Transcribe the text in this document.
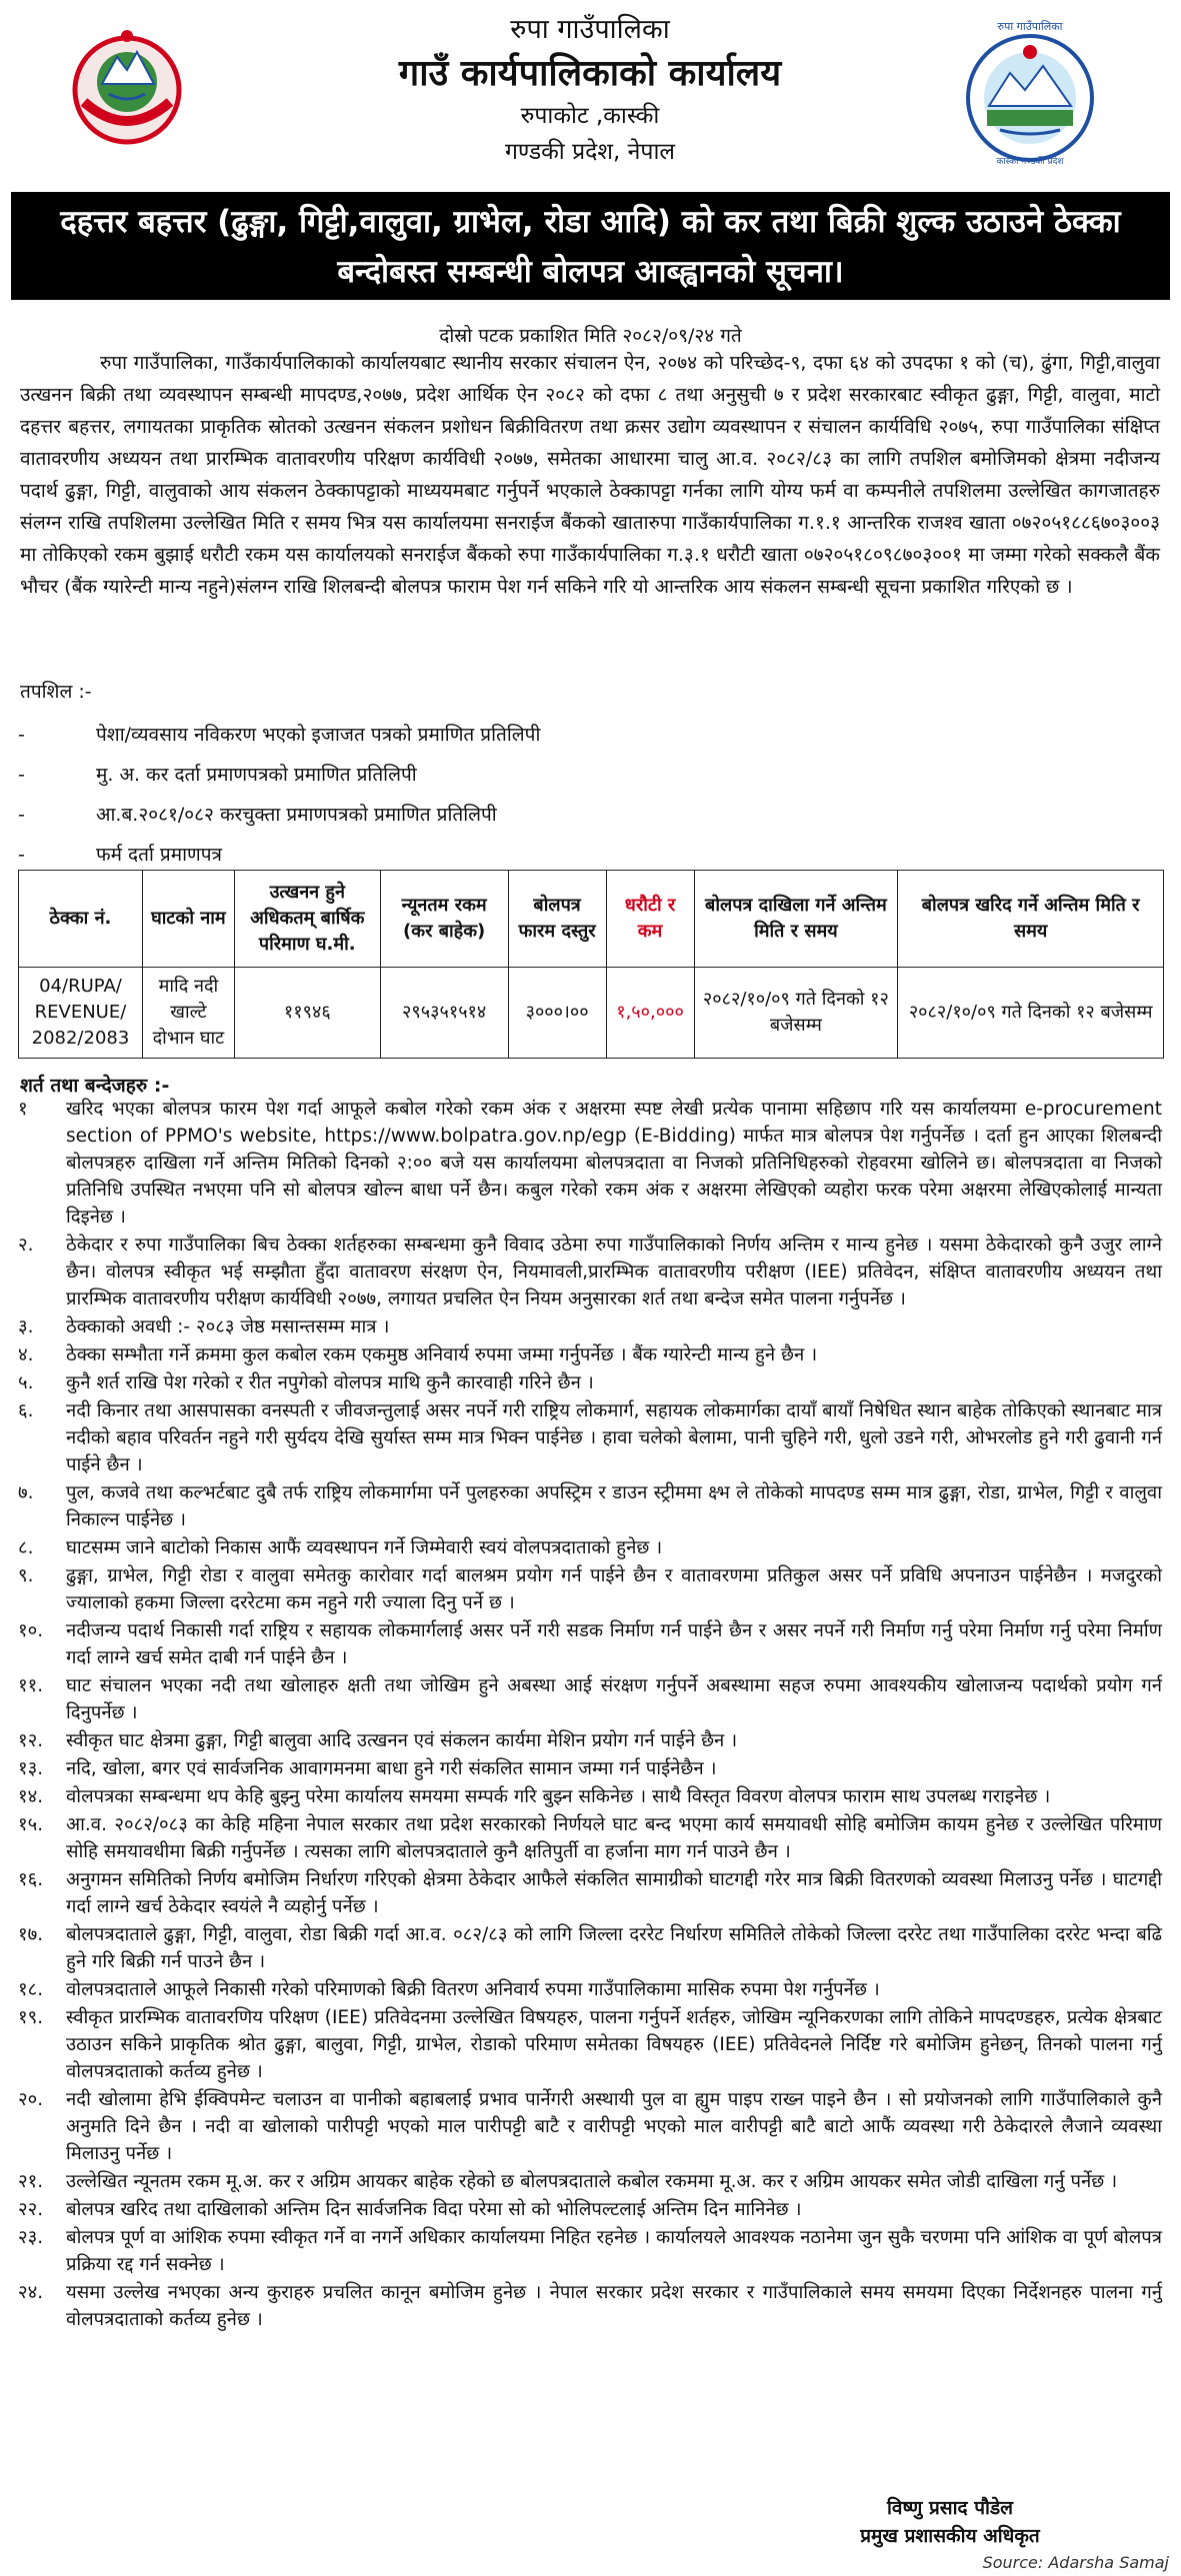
रुपा गाउँपालिका
गाउँ कार्यपालिकाको कार्यालय
रुपाकोट ,कास्की
गण्डकी प्रदेश, नेपाल
रुपा गाउँपालिका
कास्की गण्डकी प्रदेश
दहत्तर बहत्तर (ढुङ्गा, गिट्टी,वालुवा, ग्राभेल, रोडा आदि) को कर तथा बिक्री शुल्क उठाउने ठेक्का
बन्दोबस्त सम्बन्धी बोलपत्र आब्ह्वानको सूचना।
दोस्रो पटक प्रकाशित मिति २०८२/०९/२४ गते
रुपा गाउँपालिका, गाउँकार्यपालिकाको कार्यालयबाट स्थानीय सरकार संचालन ऐन, २०७४ को परिच्छेद-९, दफा ६४ को उपदफा १ को (च), ढुंगा, गिट्टी,वालुवा उत्खनन बिक्री तथा व्यवस्थापन सम्बन्धी मापदण्ड,२०७७, प्रदेश आर्थिक ऐन २०८२ को दफा ८ तथा अनुसुची ७ र प्रदेश सरकारबाट स्वीकृत ढुङ्गा, गिट्टी, वालुवा, माटो दहत्तर बहत्तर, लगायतका प्राकृतिक स्रोतको उत्खनन संकलन प्रशोधन बिक्रीवितरण तथा क्रसर उद्योग व्यवस्थापन र संचालन कार्यविधि २०७५, रुपा गाउँपालिका संक्षिप्त वातावरणीय अध्ययन तथा प्रारम्भिक वातावरणीय परिक्षण कार्यविधी २०७७, समेतका आधारमा चालु आ.व. २०८२/८३ का लागि तपशिल बमोजिमको क्षेत्रमा नदीजन्य पदार्थ ढुङ्गा, गिट्टी, वालुवाको आय संकलन ठेक्कापट्टाको माध्ययमबाट गर्नुपर्ने भएकाले ठेक्कापट्टा गर्नका लागि योग्य फर्म वा कम्पनीले तपशिलमा उल्लेखित कागजातहरु संलग्न राखि तपशिलमा उल्लेखित मिति र समय भित्र यस कार्यालयमा सनराईज बैंकको खातारुपा गाउँकार्यपालिका ग.१.१ आन्तरिक राजश्व खाता ०७२०५१८८६७०३००३ मा तोकिएको रकम बुझाई धरौटी रकम यस कार्यालयको सनराईज बैंकको रुपा गाउँकार्यपालिका ग.३.१ धरौटी खाता ०७२०५१८०९८७०३००१ मा जम्मा गरेको सक्कलै बैंक भौचर (बैंक ग्यारेन्टी मान्य नहुने)संलग्न राखि शिलबन्दी बोलपत्र फाराम पेश गर्न सकिने गरि यो आन्तरिक आय संकलन सम्बन्धी सूचना प्रकाशित गरिएको छ ।
तपशिल :-
-	पेशा/व्यवसाय नविकरण भएको इजाजत पत्रको प्रमाणित प्रतिलिपी
-	मु. अ. कर दर्ता प्रमाणपत्रको प्रमाणित प्रतिलिपी
-	आ.ब.२०८१/०८२ करचुक्ता प्रमाणपत्रको प्रमाणित प्रतिलिपी
-	फर्म दर्ता प्रमाणपत्र
ठेक्का नं.	घाटको नाम	उत्खनन हुने अधिकतम् बार्षिक परिमाण घ.मी.	न्यूनतम रकम (कर बाहेक)	बोलपत्र फारम दस्तुर	धरौटी र कम	बोलपत्र दाखिला गर्ने अन्तिम मिति र समय	बोलपत्र खरिद गर्ने अन्तिम मिति र समय
04/RUPA/ REVENUE/ 2082/2083	मादि नदी खाल्टे दोभान घाट	११९४६	२९५३५१५१४	३०००।००	१,५०,०००	२०८२/१०/०९ गते दिनको १२ बजेसम्म	२०८२/१०/०९ गते दिनको १२ बजेसम्म
शर्त तथा बन्देजहरु :-
१ खरिद भएका बोलपत्र फारम पेश गर्दा आफूले कबोल गरेको रकम अंक र अक्षरमा स्पष्ट लेखी प्रत्येक पानामा सहिछाप गरि यस कार्यालयमा e-procurement section of PPMO's website, https://www.bolpatra.gov.np/egp (E-Bidding) मार्फत मात्र बोलपत्र पेश गर्नुपर्नेछ । दर्ता हुन आएका शिलबन्दी बोलपत्रहरु दाखिला गर्ने अन्तिम मितिको दिनको २:०० बजे यस कार्यालयमा बोलपत्रदाता वा निजको प्रतिनिधिहरुको रोहवरमा खोलिने छ। बोलपत्रदाता वा निजको प्रतिनिधि उपस्थित नभएमा पनि सो बोलपत्र खोल्न बाधा पर्ने छैन। कबुल गरेको रकम अंक र अक्षरमा लेखिएको व्यहोरा फरक परेमा अक्षरमा लेखिएकोलाई मान्यता दिइनेछ ।
२. ठेकेदार र रुपा गाउँपालिका बिच ठेक्का शर्तहरुका सम्बन्धमा कुनै विवाद उठेमा रुपा गाउँपालिकाको निर्णय अन्तिम र मान्य हुनेछ । यसमा ठेकेदारको कुनै उजुर लाग्ने छैन। वोलपत्र स्वीकृत भई सम्झौता हुँदा वातावरण संरक्षण ऐन, नियमावली,प्रारम्भिक वातावरणीय परीक्षण (IEE) प्रतिवेदन, संक्षिप्त वातावरणीय अध्ययन तथा प्रारम्भिक वातावरणीय परीक्षण कार्यविधी २०७७, लगायत प्रचलित ऐन नियम अनुसारका शर्त तथा बन्देज समेत पालना गर्नुपर्नेछ ।
३. ठेक्काको अवधी :- २०८३ जेष्ठ मसान्तसम्म मात्र ।
४. ठेक्का सम्भौता गर्ने क्रममा कुल कबोल रकम एकमुष्ठ अनिवार्य रुपमा जम्मा गर्नुपर्नेछ । बैंक ग्यारेन्टी मान्य हुने छैन ।
५. कुनै शर्त राखि पेश गरेको र रीत नपुगेको वोलपत्र माथि कुनै कारवाही गरिने छैन ।
६. नदी किनार तथा आसपासका वनस्पती र जीवजन्तुलाई असर नपर्ने गरी राष्ट्रिय लोकमार्ग, सहायक लोकमार्गका दायाँ बायाँ निषेधित स्थान बाहेक तोकिएको स्थानबाट मात्र नदीको बहाव परिवर्तन नहुने गरी सुर्यदय देखि सुर्यास्त सम्म मात्र भिक्न पाईनेछ । हावा चलेको बेलामा, पानी चुहिने गरी, धुलो उडने गरी, ओभरलोड हुने गरी ढुवानी गर्न पाईने छैन ।
७. पुल, कजवे तथा कल्भर्टबाट दुबै तर्फ राष्ट्रिय लोकमार्गमा पर्ने पुलहरुका अपस्ट्रिम र डाउन स्ट्रीममा क्ष्भ ले तोकेको मापदण्ड सम्म मात्र ढुङ्गा, रोडा, ग्राभेल, गिट्टी र वालुवा निकाल्न पाईनेछ ।
८. घाटसम्म जाने बाटोको निकास आफैं व्यवस्थापन गर्ने जिम्मेवारी स्वयं वोलपत्रदाताको हुनेछ ।
९. ढुङ्गा, ग्राभेल, गिट्टी रोडा र वालुवा समेतकु कारोवार गर्दा बालश्रम प्रयोग गर्न पाईने छैन र वातावरणमा प्रतिकुल असर पर्ने प्रविधि अपनाउन पाईनेछैन । मजदुरको ज्यालाको हकमा जिल्ला दररेटमा कम नहुने गरी ज्याला दिनु पर्ने छ ।
१०. नदीजन्य पदार्थ निकासी गर्दा राष्ट्रिय र सहायक लोकमार्गलाई असर पर्ने गरी सडक निर्माण गर्न पाईने छैन र असर नपर्ने गरी निर्माण गर्नु परेमा निर्माण गर्नु परेमा निर्माण गर्दा लाग्ने खर्च समेत दाबी गर्न पाईने छैन ।
११. घाट संचालन भएका नदी तथा खोलाहरु क्षती तथा जोखिम हुने अबस्था आई संरक्षण गर्नुपर्ने अबस्थामा सहज रुपमा आवश्यकीय खोलाजन्य पदार्थको प्रयोग गर्न दिनुपर्नेछ ।
१२. स्वीकृत घाट क्षेत्रमा ढुङ्गा, गिट्टी बालुवा आदि उत्खनन एवं संकलन कार्यमा मेशिन प्रयोग गर्न पाईने छैन ।
१३. नदि, खोला, बगर एवं सार्वजनिक आवागमनमा बाधा हुने गरी संकलित सामान जम्मा गर्न पाईनेछैन ।
१४. वोलपत्रका सम्बन्धमा थप केहि बुझ्नु परेमा कार्यालय समयमा सम्पर्क गरि बुझ्न सकिनेछ । साथै विस्तृत विवरण वोलपत्र फाराम साथ उपलब्ध गराइनेछ ।
१५. आ.व. २०८२/०८३ का केहि महिना नेपाल सरकार तथा प्रदेश सरकारको निर्णयले घाट बन्द भएमा कार्य समयावधी सोहि बमोजिम कायम हुनेछ र उल्लेखित परिमाण सोहि समयावधीमा बिक्री गर्नुपर्नेछ । त्यसका लागि बोलपत्रदाताले कुनै क्षतिपुर्ती वा हर्जाना माग गर्न पाउने छैन ।
१६. अनुगमन समितिको निर्णय बमोजिम निर्धारण गरिएको क्षेत्रमा ठेकेदार आफैले संकलित सामाग्रीको घाटगद्दी गरेर मात्र बिक्री वितरणको व्यवस्था मिलाउनु पर्नेछ । घाटगद्दी गर्दा लाग्ने खर्च ठेकेदार स्वयंले नै व्यहोर्नु पर्नेछ ।
१७. बोलपत्रदाताले ढुङ्गा, गिट्टी, वालुवा, रोडा बिक्री गर्दा आ.व. ०८२/८३ को लागि जिल्ला दररेट निर्धारण समितिले तोकेको जिल्ला दररेट तथा गाउँपालिका दररेट भन्दा बढि हुने गरि बिक्री गर्न पाउने छैन ।
१८. वोलपत्रदाताले आफूले निकासी गरेको परिमाणको बिक्री वितरण अनिवार्य रुपमा गाउँपालिकामा मासिक रुपमा पेश गर्नुपर्नेछ ।
१९. स्वीकृत प्रारम्भिक वातावरणिय परिक्षण (IEE) प्रतिवेदनमा उल्लेखित विषयहरु, पालना गर्नुपर्ने शर्तहरु, जोखिम न्यूनिकरणका लागि तोकिने मापदण्डहरु, प्रत्येक क्षेत्रबाट उठाउन सकिने प्राकृतिक श्रोत ढुङ्गा, बालुवा, गिट्टी, ग्राभेल, रोडाको परिमाण समेतका विषयहरु (IEE) प्रतिवेदनले निर्दिष्ट गरे बमोजिम हुनेछन्, तिनको पालना गर्नु वोलपत्रदाताको कर्तव्य हुनेछ ।
२०. नदी खोलामा हेभि ईक्विपमेन्ट चलाउन वा पानीको बहाबलाई प्रभाव पार्नेगरी अस्थायी पुल वा ह्युम पाइप राख्न पाइने छैन । सो प्रयोजनको लागि गाउँपालिकाले कुनै अनुमति दिने छैन । नदी वा खोलाको पारीपट्टी भएको माल पारीपट्टी बाटै र वारीपट्टी भएको माल वारीपट्टी बाटै बाटो आफैं व्यवस्था गरी ठेकेदारले लैजाने व्यवस्था मिलाउनु पर्नेछ ।
२१. उल्लेखित न्यूनतम रकम मू.अ. कर र अग्रिम आयकर बाहेक रहेको छ बोलपत्रदाताले कबोल रकममा मू.अ. कर र अग्रिम आयकर समेत जोडी दाखिला गर्नु पर्नेछ ।
२२. बोलपत्र खरिद तथा दाखिलाको अन्तिम दिन सार्वजनिक विदा परेमा सो को भोलिपल्टलाई अन्तिम दिन मानिनेछ ।
२३. बोलपत्र पूर्ण वा आंशिक रुपमा स्वीकृत गर्ने वा नगर्ने अधिकार कार्यालयमा निहित रहनेछ । कार्यालयले आवश्यक नठानेमा जुन सुकै चरणमा पनि आंशिक वा पूर्ण बोलपत्र प्रक्रिया रद्द गर्न सक्नेछ ।
२४. यसमा उल्लेख नभएका अन्य कुराहरु प्रचलित कानून बमोजिम हुनेछ । नेपाल सरकार प्रदेश सरकार र गाउँपालिकाले समय समयमा दिएका निर्देशनहरु पालना गर्नु वोलपत्रदाताको कर्तव्य हुनेछ ।
विष्णु प्रसाद पौडेल
प्रमुख प्रशासकीय अधिकृत
Source: Adarsha Samaj
